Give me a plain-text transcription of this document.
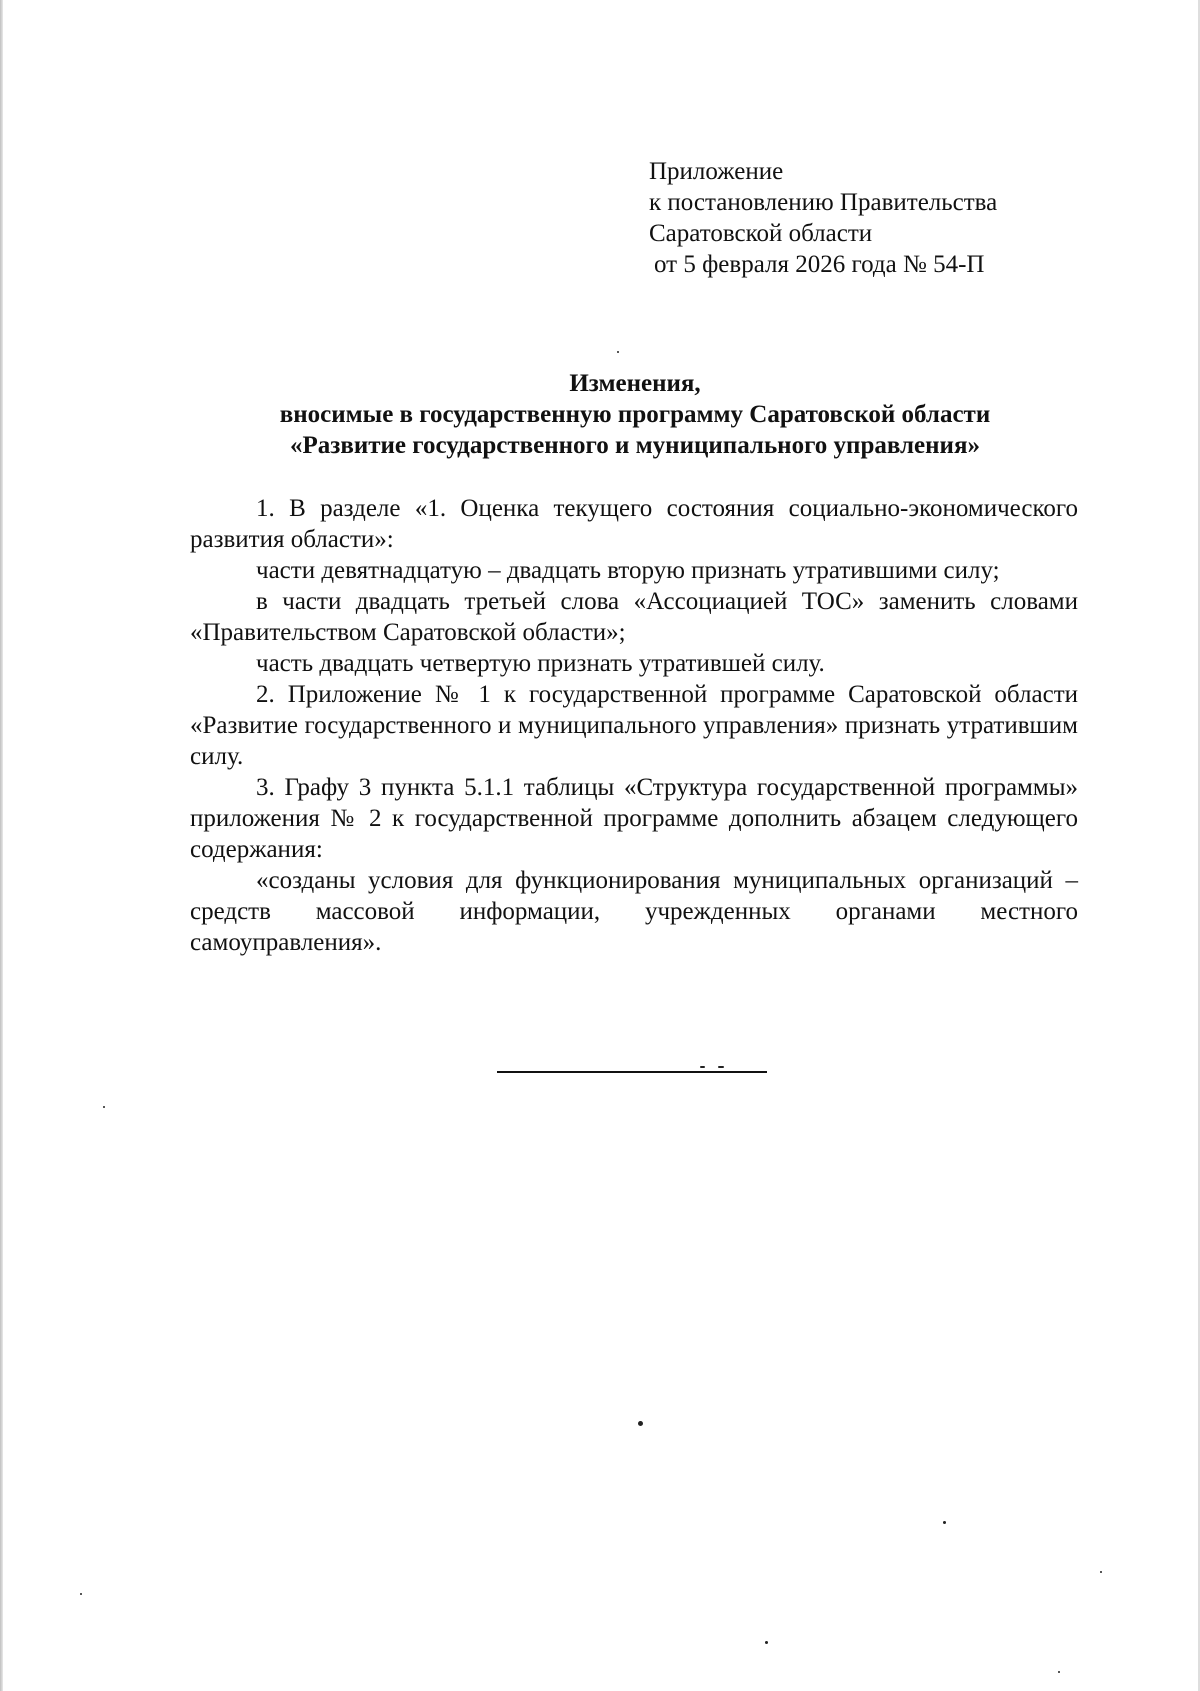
Приложение
к постановлению Правительства
Саратовской области
от 5 февраля 2026 года № 54-П
Изменения,
вносимые в государственную программу Саратовской области
«Развитие государственного и муниципального управления»

1. В разделе «1. Оценка текущего состояния социально-экономического развития области»:

части девятнадцатую – двадцать вторую признать утратившими силу;

в части двадцать третьей слова «Ассоциацией ТОС» заменить словами «Правительством Саратовской области»;

часть двадцать четвертую признать утратившей силу.

2. Приложение № 1 к государственной программе Саратовской области «Развитие государственного и муниципального управления» признать утратившим силу.

3. Графу 3 пункта 5.1.1 таблицы «Структура государственной программы» приложения № 2 к государственной программе дополнить абзацем следующего содержания:

«созданы условия для функционирования муниципальных организаций – средств массовой информации, учрежденных органами местного самоуправления».
